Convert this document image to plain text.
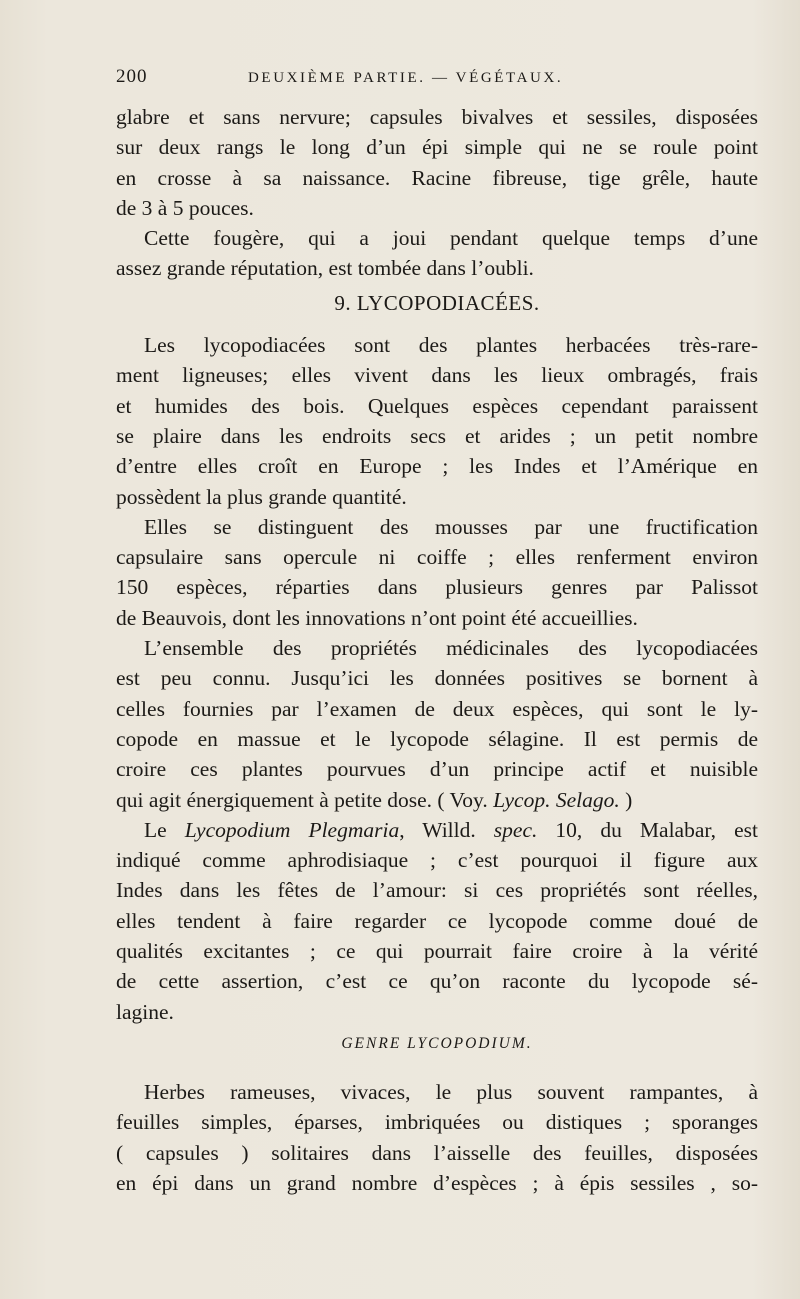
200	DEUXIÈME PARTIE. — VÉGÉTAUX.
glabre et sans nervure; capsules bivalves et sessiles, disposées
sur deux rangs le long d’un épi simple qui ne se roule point
en crosse à sa naissance. Racine fibreuse, tige grêle, haute
de 3 à 5 pouces.
Cette fougère, qui a joui pendant quelque temps d’une
assez grande réputation, est tombée dans l’oubli.
9. LYCOPODIACÉES.
Les lycopodiacées sont des plantes herbacées très-rare-
ment ligneuses; elles vivent dans les lieux ombragés, frais
et humides des bois. Quelques espèces cependant paraissent
se plaire dans les endroits secs et arides ; un petit nombre
d’entre elles croît en Europe ; les Indes et l’Amérique en
possèdent la plus grande quantité.
Elles se distinguent des mousses par une fructification
capsulaire sans opercule ni coiffe ; elles renferment environ
150 espèces, réparties dans plusieurs genres par Palissot
de Beauvois, dont les innovations n’ont point été accueillies.
L’ensemble des propriétés médicinales des lycopodiacées
est peu connu. Jusqu’ici les données positives se bornent à
celles fournies par l’examen de deux espèces, qui sont le ly-
copode en massue et le lycopode sélagine. Il est permis de
croire ces plantes pourvues d’un principe actif et nuisible
qui agit énergiquement à petite dose. ( Voy. Lycop. Selago. )
Le Lycopodium Plegmaria, Willd. spec. 10, du Malabar, est
indiqué comme aphrodisiaque ; c’est pourquoi il figure aux
Indes dans les fêtes de l’amour: si ces propriétés sont réelles,
elles tendent à faire regarder ce lycopode comme doué de
qualités excitantes ; ce qui pourrait faire croire à la vérité
de cette assertion, c’est ce qu’on raconte du lycopode sé-
lagine.
GENRE LYCOPODIUM.
Herbes rameuses, vivaces, le plus souvent rampantes, à
feuilles simples, éparses, imbriquées ou distiques ; sporanges
( capsules ) solitaires dans l’aisselle des feuilles, disposées
en épi dans un grand nombre d’espèces ; à épis sessiles , so-
